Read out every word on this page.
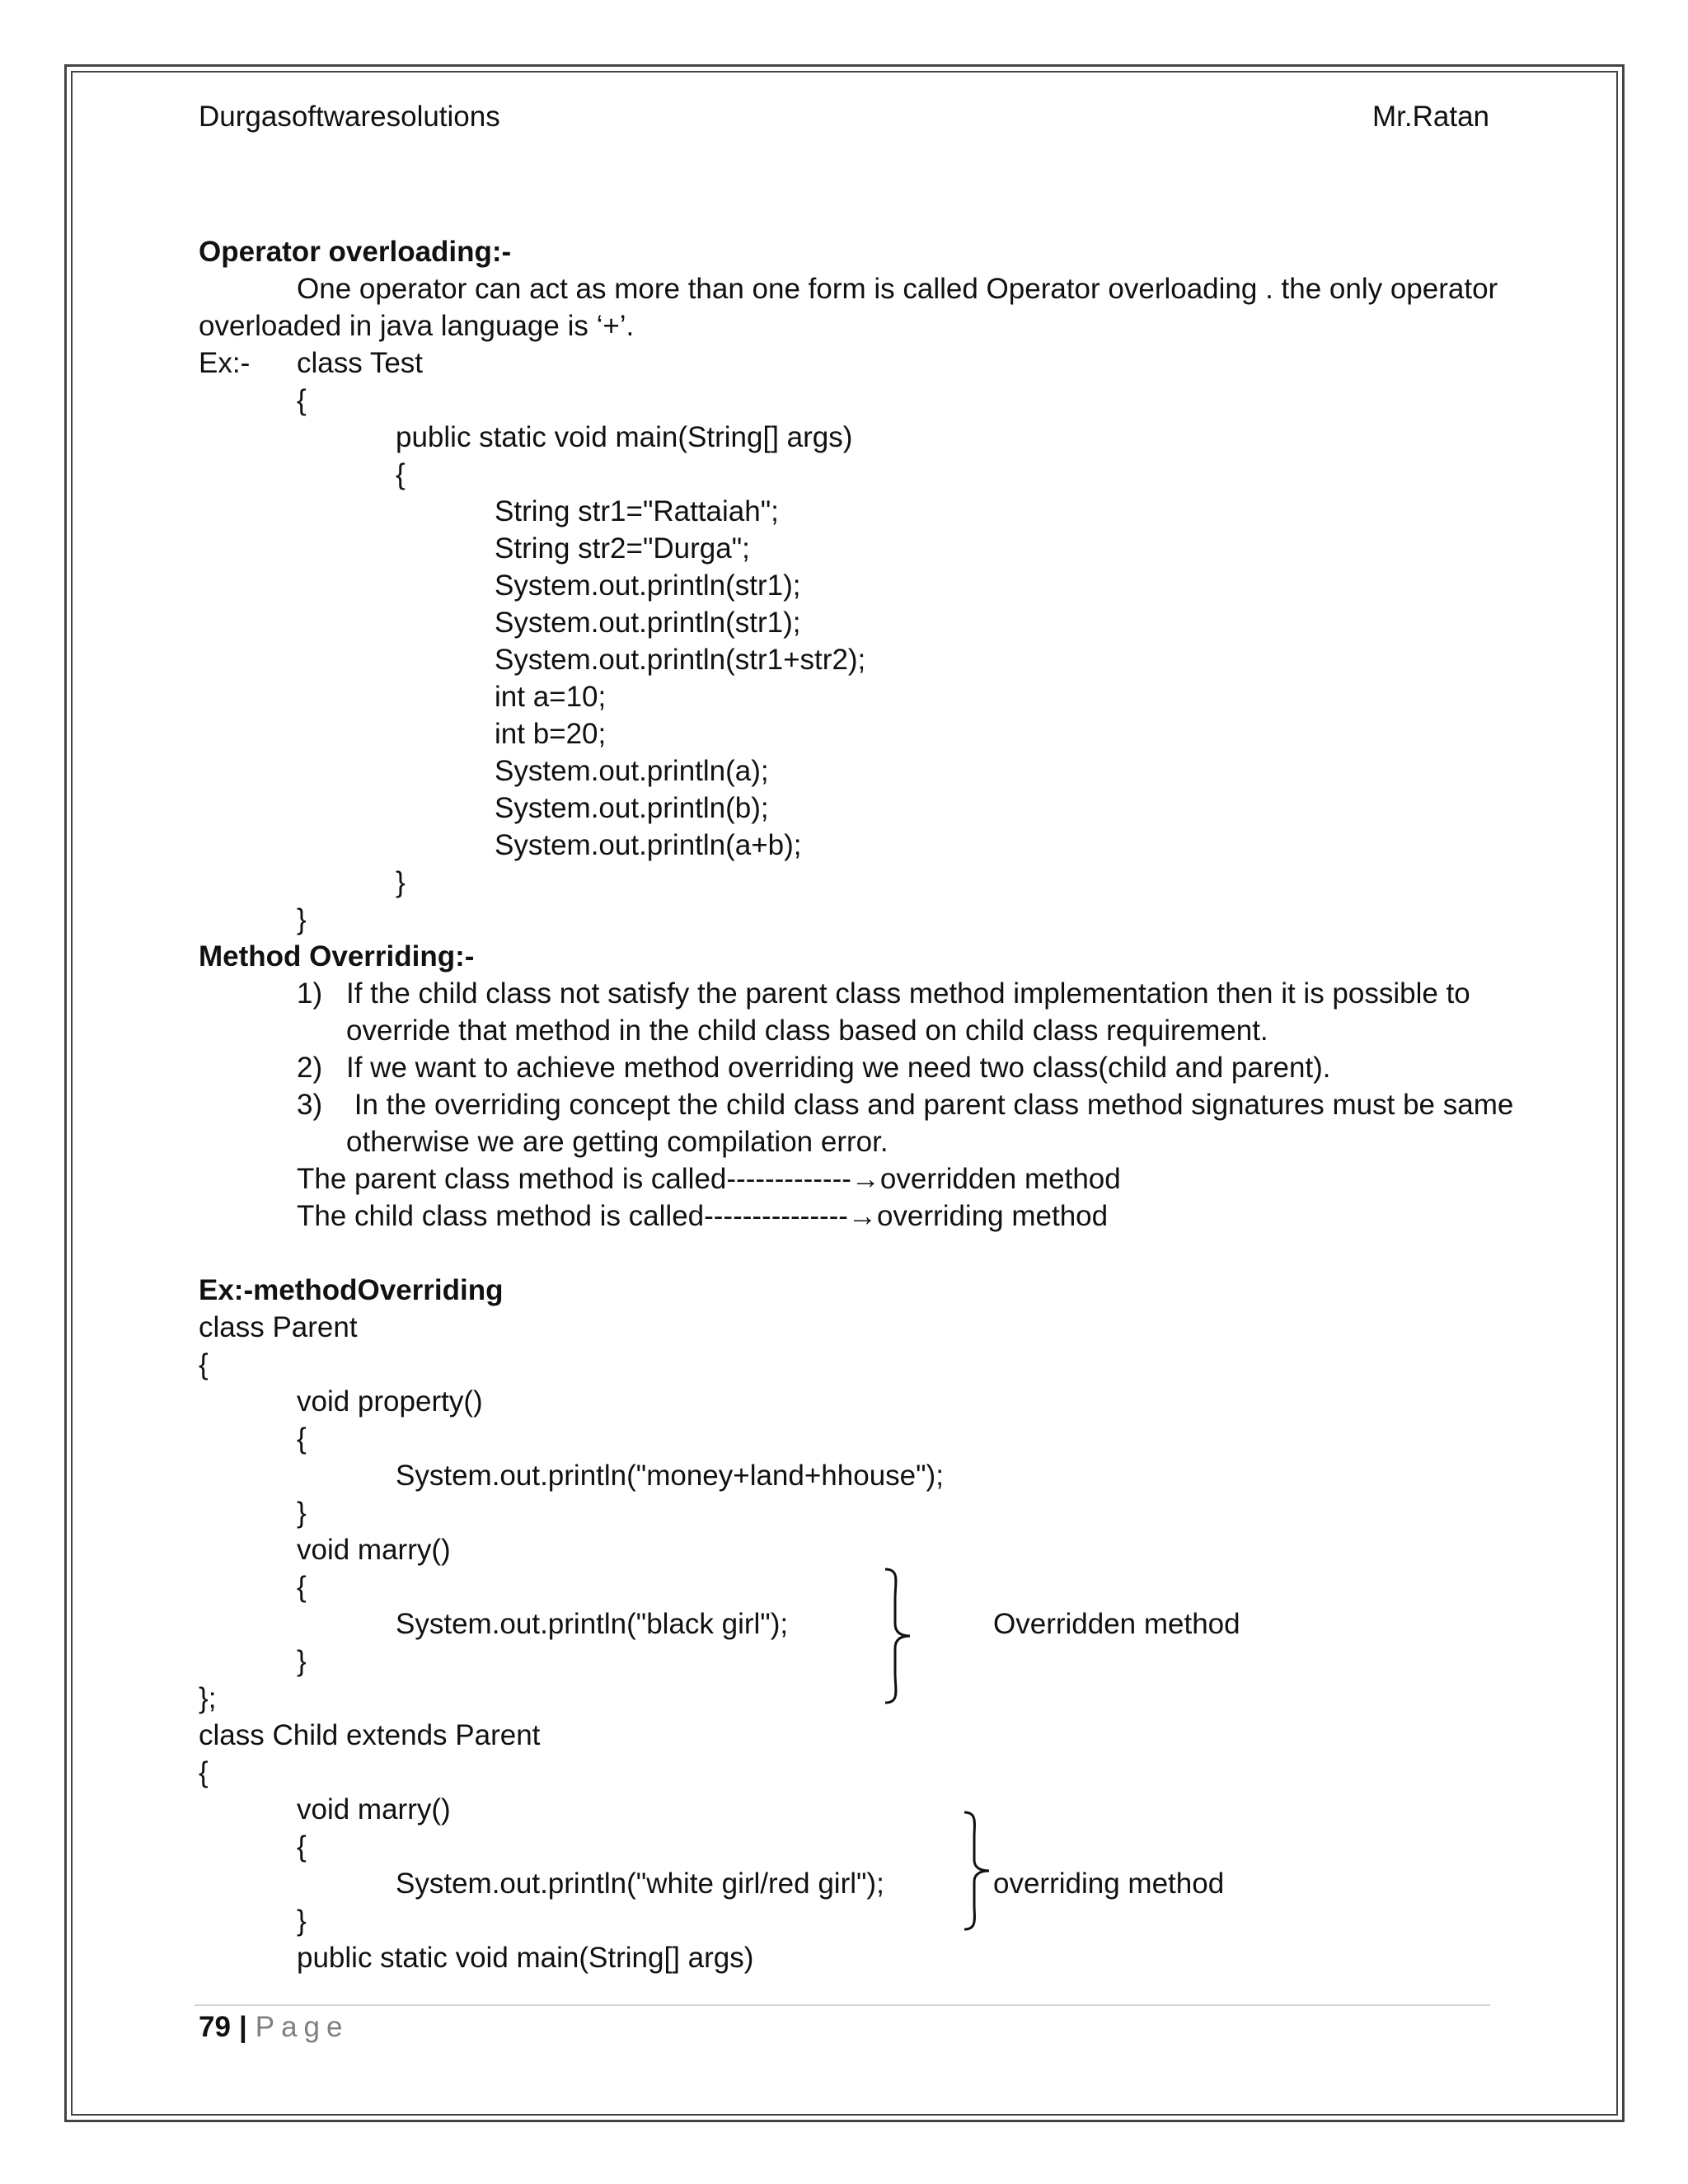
Durgasoftwaresolutions	Mr.Ratan
Operator overloading:-
One operator can act as more than one form is called Operator overloading . the only operator
overloaded in java language is ‘+’.
Ex:- class Test
{
public static void main(String[] args)
{
String str1="Rattaiah";
String str2="Durga";
System.out.println(str1);
System.out.println(str1);
System.out.println(str1+str2);
int a=10;
int b=20;
System.out.println(a);
System.out.println(b);
System.out.println(a+b);
}
}
Method Overriding:-
1) If the child class not satisfy the parent class method implementation then it is possible to
override that method in the child class based on child class requirement.
2) If we want to achieve method overriding we need two class(child and parent).
3) In the overriding concept the child class and parent class method signatures must be same
otherwise we are getting compilation error.
The parent class method is called-------------→overridden method
The child class method is called---------------→overriding method
Ex:-methodOverriding
class Parent
{
void property()
{
System.out.println("money+land+hhouse");
}
void marry()
{
System.out.println("black girl");
}
};
class Child extends Parent
{
void marry()
{
System.out.println("white girl/red girl");
}
public static void main(String[] args)
Overridden method
overriding method
79 | Page
